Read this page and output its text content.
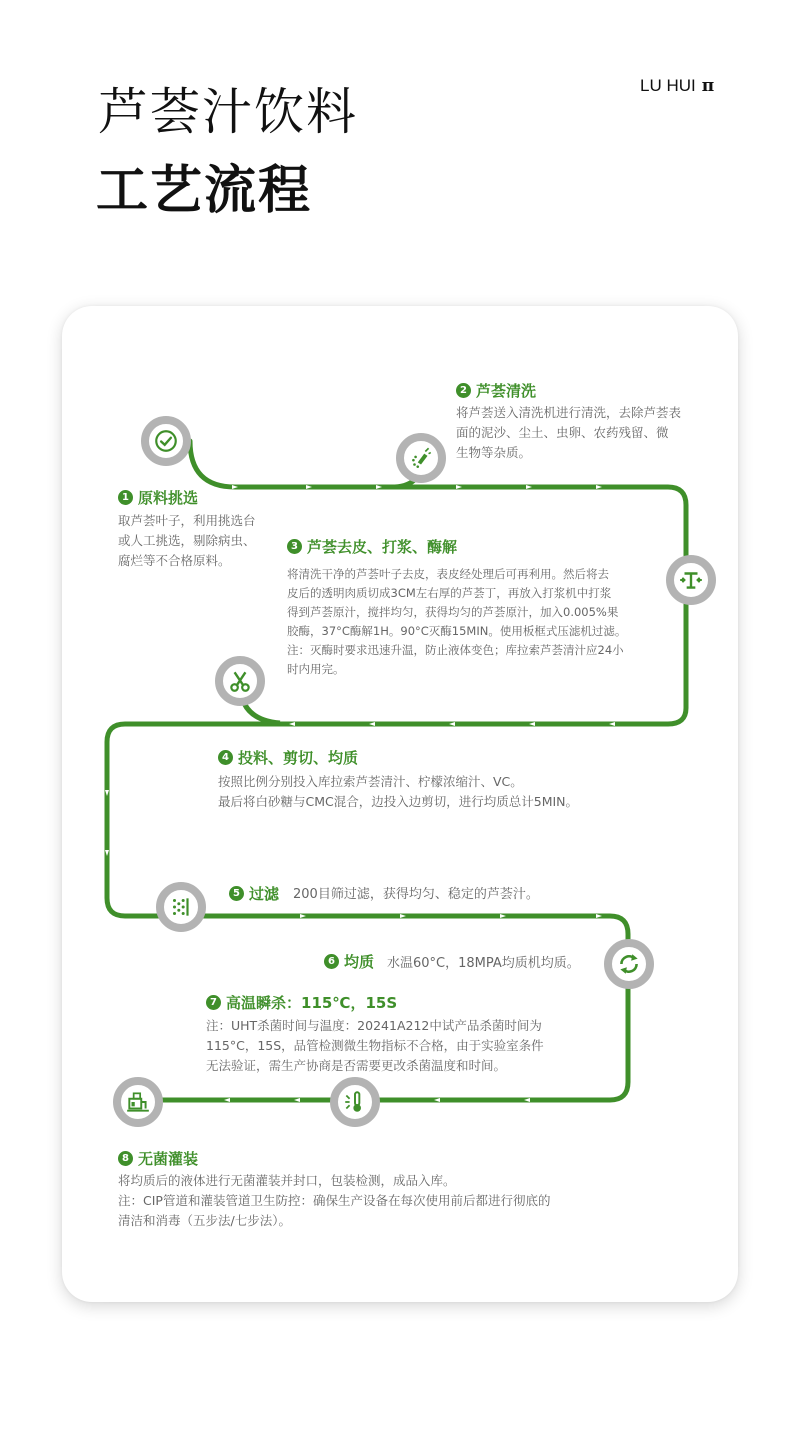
芦荟汁饮料
工艺流程
LU HUI π
1 原料挑选
取芦荟叶子，利用挑选台
或人工挑选，剔除病虫、
腐烂等不合格原料。
2 芦荟清洗
将芦荟送入清洗机进行清洗，去除芦荟表
面的泥沙、尘土、虫卵、农药残留、微
生物等杂质。
3 芦荟去皮、打浆、酶解
将清洗干净的芦荟叶子去皮，表皮经处理后可再利用。然后将去
皮后的透明肉质切成3CM左右厚的芦荟丁，再放入打浆机中打浆
得到芦荟原汁，搅拌均匀，获得均匀的芦荟原汁，加入0.005%果
胶酶，37°C酶解1H。90°C灭酶15MIN。使用板框式压滤机过滤。
注：灭酶时要求迅速升温，防止液体变色；库拉索芦荟清汁应24小
时内用完。
4 投料、剪切、均质
按照比例分别投入库拉索芦荟清汁、柠檬浓缩汁、VC。
最后将白砂糖与CMC混合，边投入边剪切，进行均质总计5MIN。
5 过滤 200目筛过滤，获得均匀、稳定的芦荟汁。
6 均质 水温60°C，18MPA均质机均质。
7 高温瞬杀：115℃，15S
注：UHT杀菌时间与温度：20241A212中试产品杀菌时间为
115°C，15S，品管检测微生物指标不合格，由于实验室条件
无法验证，需生产协商是否需要更改杀菌温度和时间。
8 无菌灌装
将均质后的液体进行无菌灌装并封口，包装检测，成品入库。
注：CIP管道和灌装管道卫生防控：确保生产设备在每次使用前后都进行彻底的
清洁和消毒（五步法/七步法）。
